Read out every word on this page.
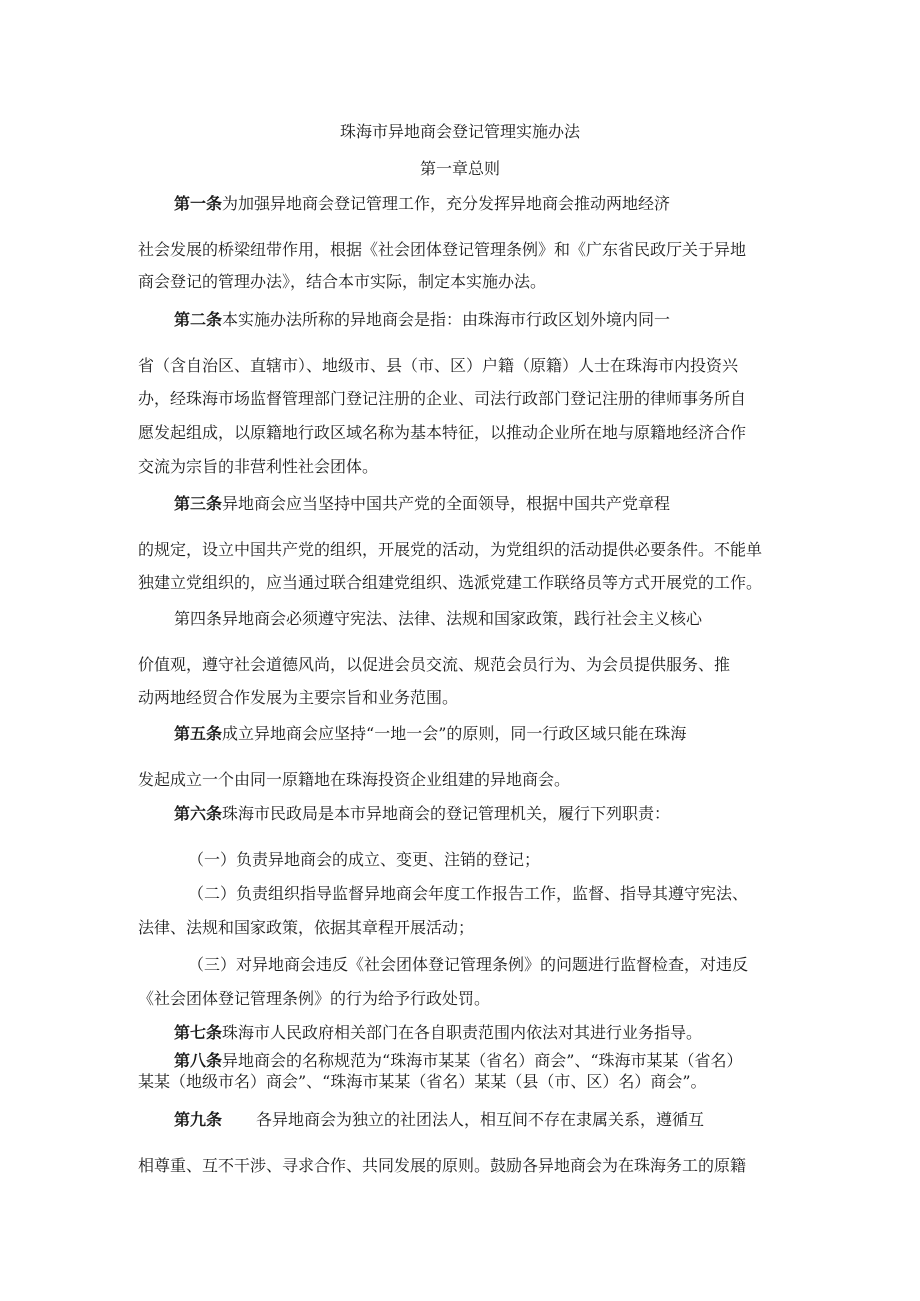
珠海市异地商会登记管理实施办法
第一章总则
第一条为加强异地商会登记管理工作，充分发挥异地商会推动两地经济
社会发展的桥梁纽带作用，根据《社会团体登记管理条例》和《广东省民政厅关于异地
商会登记的管理办法》，结合本市实际，制定本实施办法。
第二条本实施办法所称的异地商会是指：由珠海市行政区划外境内同一
省（含自治区、直辖市）、地级市、县（市、区）户籍（原籍）人士在珠海市内投资兴
办，经珠海市场监督管理部门登记注册的企业、司法行政部门登记注册的律师事务所自
愿发起组成，以原籍地行政区域名称为基本特征，以推动企业所在地与原籍地经济合作
交流为宗旨的非营利性社会团体。
第三条异地商会应当坚持中国共产党的全面领导，根据中国共产党章程
的规定，设立中国共产党的组织，开展党的活动，为党组织的活动提供必要条件。不能单
独建立党组织的，应当通过联合组建党组织、选派党建工作联络员等方式开展党的工作。
第四条异地商会必须遵守宪法、法律、法规和国家政策，践行社会主义核心
价值观，遵守社会道德风尚，以促进会员交流、规范会员行为、为会员提供服务、推
动两地经贸合作发展为主要宗旨和业务范围。
第五条成立异地商会应坚持“一地一会”的原则，同一行政区域只能在珠海
发起成立一个由同一原籍地在珠海投资企业组建的异地商会。
第六条珠海市民政局是本市异地商会的登记管理机关，履行下列职责：
（一）负责异地商会的成立、变更、注销的登记；
（二）负责组织指导监督异地商会年度工作报告工作，监督、指导其遵守宪法、
法律、法规和国家政策，依据其章程开展活动；
（三）对异地商会违反《社会团体登记管理条例》的问题进行监督检查，对违反
《社会团体登记管理条例》的行为给予行政处罚。
第七条珠海市人民政府相关部门在各自职责范围内依法对其进行业务指导。
第八条异地商会的名称规范为“珠海市某某（省名）商会”、“珠海市某某（省名）
某某（地级市名）商会”、“珠海市某某（省名）某某（县（市、区）名）商会”。
第九条 各异地商会为独立的社团法人，相互间不存在隶属关系，遵循互
相尊重、互不干涉、寻求合作、共同发展的原则。鼓励各异地商会为在珠海务工的原籍
